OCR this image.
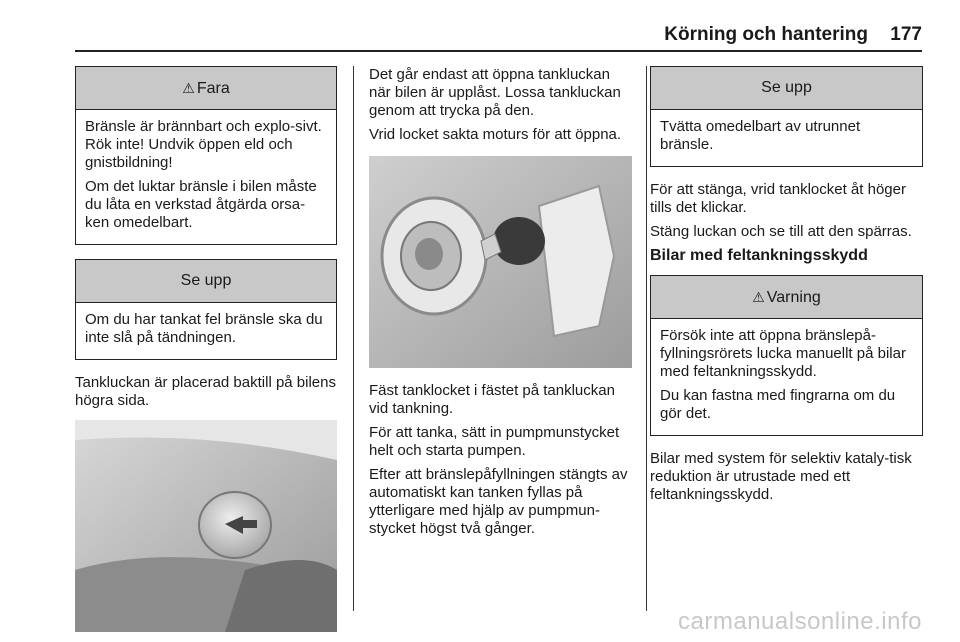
Körning och hantering 177
⚠ Fara

Bränsle är brännbart och explo-sivt. Rök inte! Undvik öppen eld och gnistbildning!

Om det luktar bränsle i bilen måste du låta en verkstad åtgärda orsa-ken omedelbart.

Se upp

Om du har tankat fel bränsle ska du inte slå på tändningen.

Tankluckan är placerad baktill på bilens högra sida.

Det går endast att öppna tankluckan när bilen är upplåst. Lossa tankluckan genom att trycka på den.

Vrid locket sakta moturs för att öppna.

Fäst tanklocket i fästet på tankluckan vid tankning.

För att tanka, sätt in pumpmunstycket helt och starta pumpen.

Efter att bränslepåfyllningen stängts av automatiskt kan tanken fyllas på ytterligare med hjälp av pumpmun-stycket högst två gånger.

Se upp

Tvätta omedelbart av utrunnet bränsle.

För att stänga, vrid tanklocket åt höger tills det klickar.

Stäng luckan och se till att den spärras.

Bilar med feltankningsskydd
⚠ Varning

Försök inte att öppna bränslepå-fyllningsrörets lucka manuellt på bilar med feltankningsskydd.

Du kan fastna med fingrarna om du gör det.

Bilar med system för selektiv kataly-tisk reduktion är utrustade med ett feltankningsskydd.

carmanualsonline.info
